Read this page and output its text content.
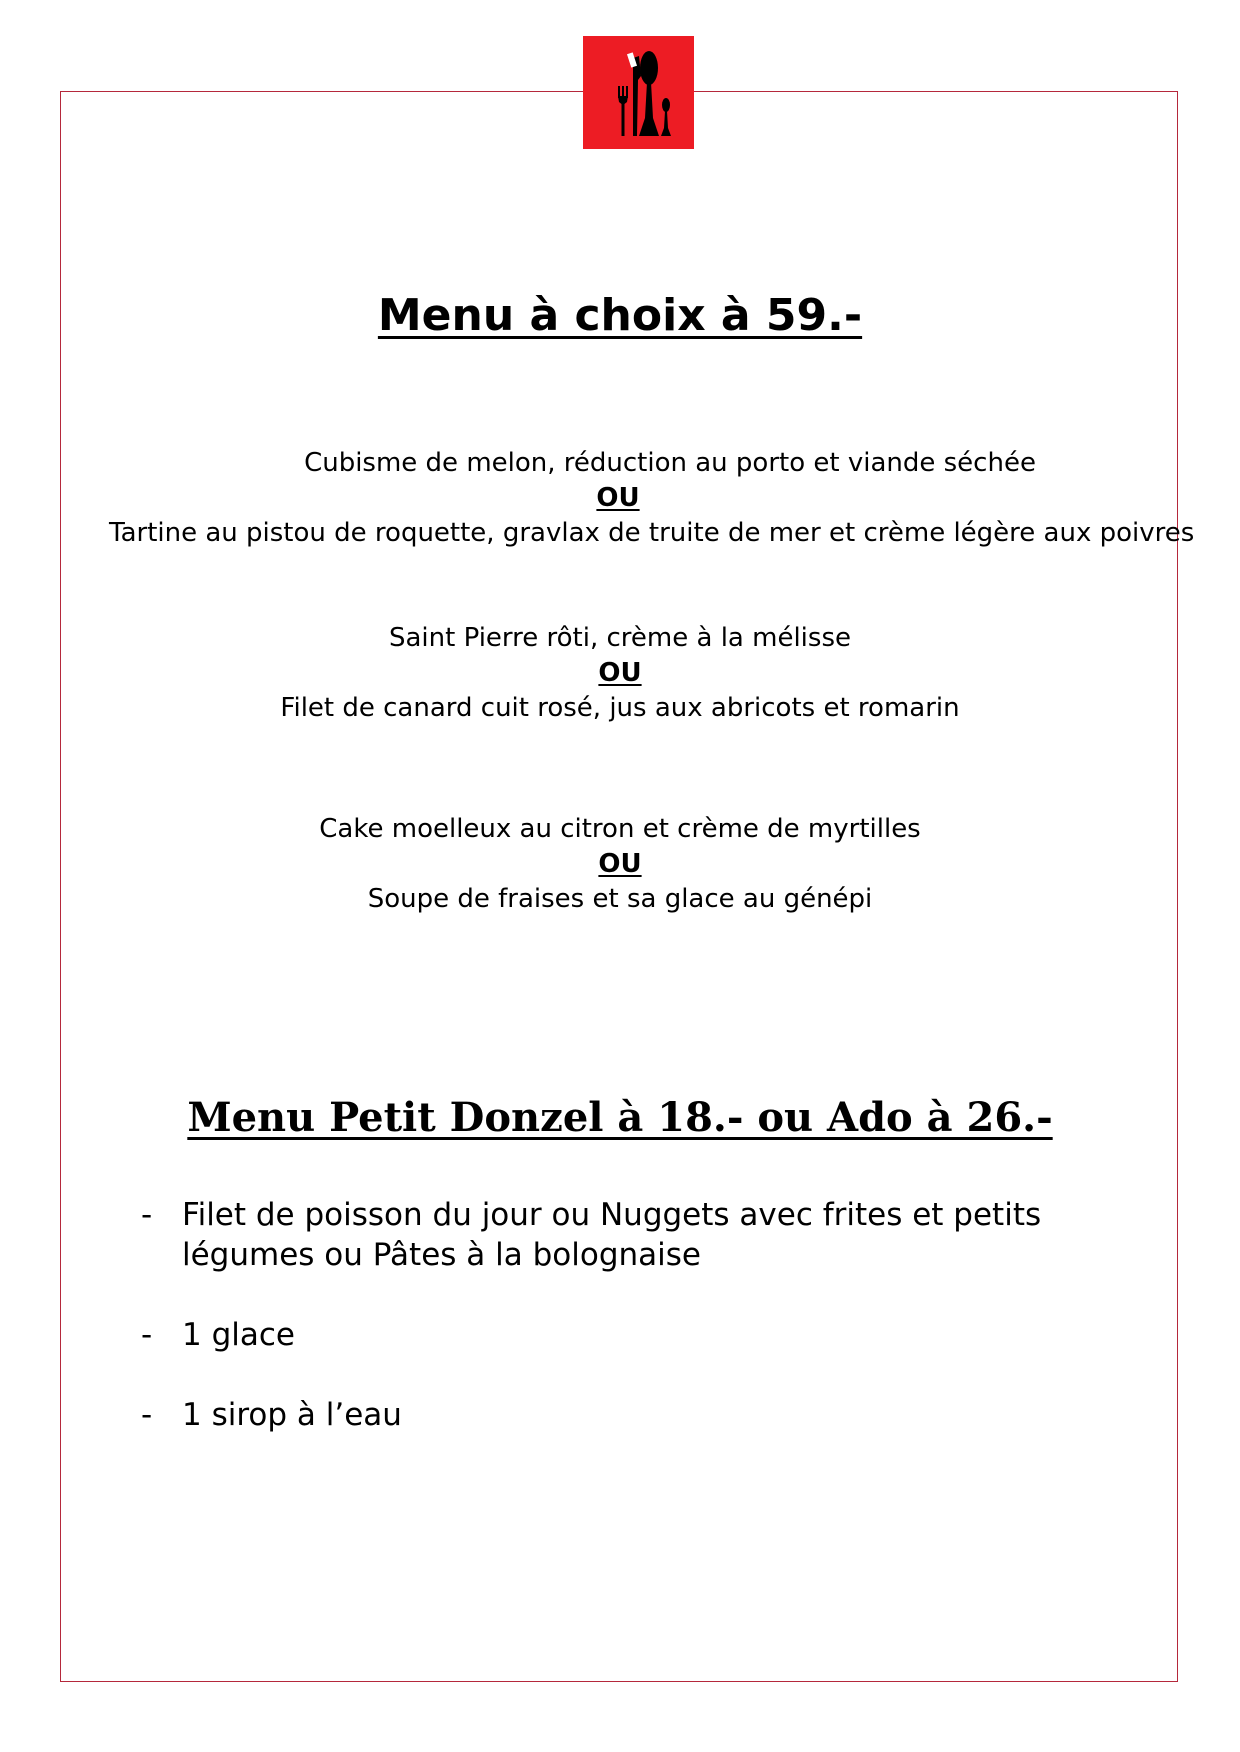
Menu à choix à 59.-
Cubisme de melon, réduction au porto et viande séchée
OU
Tartine au pistou de roquette, gravlax de truite de mer et crème légère aux poivres
Saint Pierre rôti, crème à la mélisse
OU
Filet de canard cuit rosé, jus aux abricots et romarin
Cake moelleux au citron et crème de myrtilles
OU
Soupe de fraises et sa glace au génépi
Menu Petit Donzel à 18.- ou Ado à 26.-
- Filet de poisson du jour ou Nuggets avec frites et petits légumes ou Pâtes à la bolognaise
- 1 glace
- 1 sirop à l’eau
